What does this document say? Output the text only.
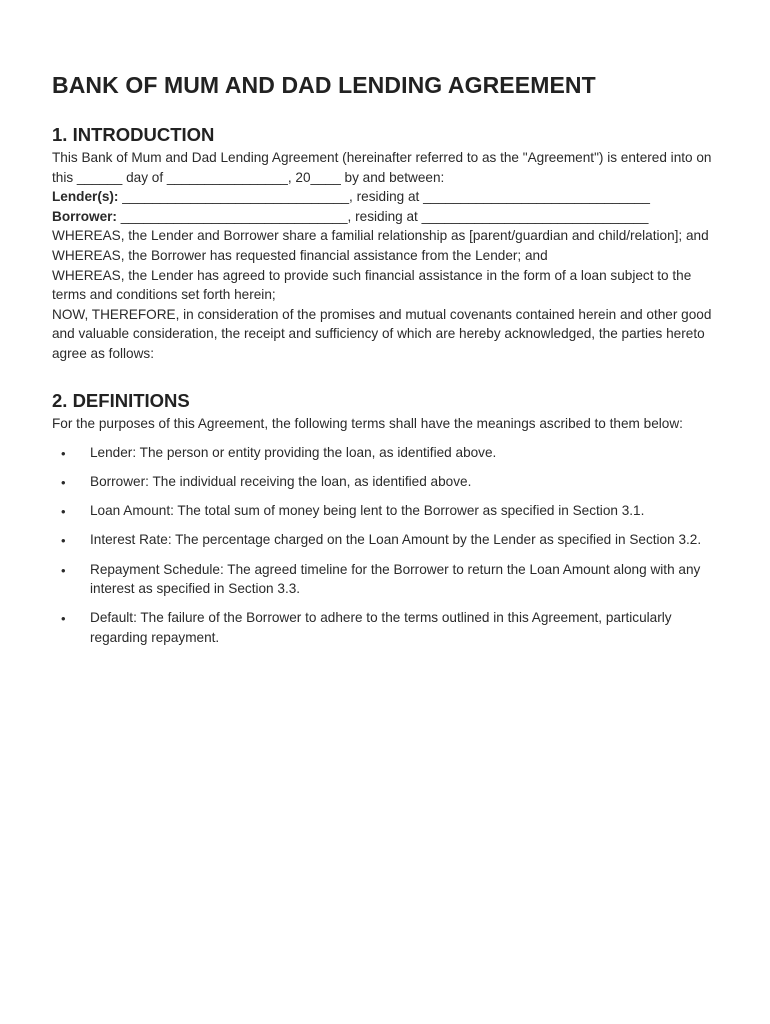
BANK OF MUM AND DAD LENDING AGREEMENT
1. INTRODUCTION

This Bank of Mum and Dad Lending Agreement (hereinafter referred to as the "Agreement") is entered into on this ______ day of ________________, 20____ by and between:

Lender(s): ______________________________, residing at ______________________________

Borrower: ______________________________, residing at ______________________________

WHEREAS, the Lender and Borrower share a familial relationship as [parent/guardian and child/relation]; and

WHEREAS, the Borrower has requested financial assistance from the Lender; and

WHEREAS, the Lender has agreed to provide such financial assistance in the form of a loan subject to the terms and conditions set forth herein;

NOW, THEREFORE, in consideration of the promises and mutual covenants contained herein and other good and valuable consideration, the receipt and sufficiency of which are hereby acknowledged, the parties hereto agree as follows:

2. DEFINITIONS

For the purposes of this Agreement, the following terms shall have the meanings ascribed to them below:

• Lender: The person or entity providing the loan, as identified above.
• Borrower: The individual receiving the loan, as identified above.
• Loan Amount: The total sum of money being lent to the Borrower as specified in Section 3.1.
• Interest Rate: The percentage charged on the Loan Amount by the Lender as specified in Section 3.2.
• Repayment Schedule: The agreed timeline for the Borrower to return the Loan Amount along with any interest as specified in Section 3.3.
• Default: The failure of the Borrower to adhere to the terms outlined in this Agreement, particularly regarding repayment.
